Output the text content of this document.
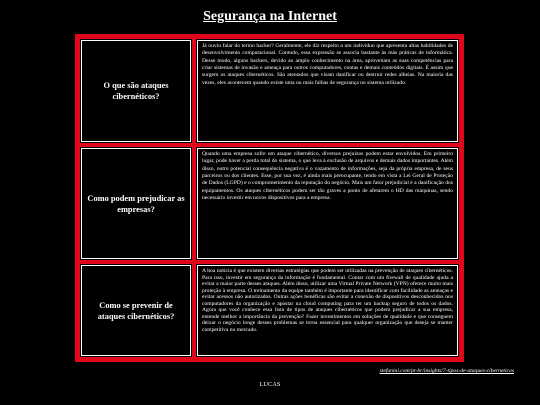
Segurança na Internet
O que são ataques cibernéticos?

Já ouviu falar do termo hacker? Geralmente, ele diz respeito a um indivíduo que apresenta altas habilidades de desenvolvimento computacional. Contudo, essa expressão se associa bastante às más práticas de informática. Desse modo, alguns hackers, devido ao amplo conhecimento na área, aproveitam as suas competências para criar sistemas de invasão e ameaça para outros computadores, contas e demais conteúdos digitais. É assim que surgem os ataques cibernéticos. São atentados que visam danificar ou destruir redes alheias. Na maioria das vezes, eles acontecem quando existe uma ou mais falhas de segurança no sistema utilizado.

Como podem prejudicar as empresas?

Quando uma empresa sofre um ataque cibernético, diversos prejuízos podem estar envolvidos. Em primeiro lugar, pode haver a perda total do sistema, o que leva à exclusão de arquivos e demais dados importantes. Além disso, outro potencial consequência negativa é o vazamento de informações, seja da própria empresa, de seus parceiros ou dos clientes. Esse, por sua vez, é ainda mais preocupante, tendo em vista a Lei Geral de Proteção de Dados (LGPD) e o comprometimento da reputação do negócio. Mais um fator prejudicial é a danificação dos equipamentos. Os ataques cibernéticos podem ser tão graves a ponto de afetarem o HD das máquinas, sendo necessário investir em novos dispositivos para a empresa.

Como se prevenir de ataques cibernéticos?

A boa notícia é que existem diversas estratégias que podem ser utilizadas na prevenção de ataques cibernéticos. Para isso, investir em segurança da informação é fundamental. Contar com um firewall de qualidade ajuda a evitar a maior parte desses ataques. Além disso, utilizar uma Virtual Private Network (VPN) oferece muito mais proteção à empresa. O treinamento da equipe também é importante para identificar com facilidade as ameaças e evitar acessos não autorizados. Outras ações benéficas são evitar a conexão de dispositivos desconhecidos nos computadores da organização e apostar na cloud computing para ter um backup seguro de todos os dados. Agora que você conhece essa lista de tipos de ataques cibernéticos que podem prejudicar a sua empresa, entende melhor a importância da prevenção? Fazer investimentos em soluções de qualidade e que conseguem deixar o negócio longe desses problemas se torna essencial para qualquer organização que deseja se manter competitiva no mercado.

stefanini.com/pt-br/insights/7-tipos-de-ataques-ciberneticos
LUCAS
